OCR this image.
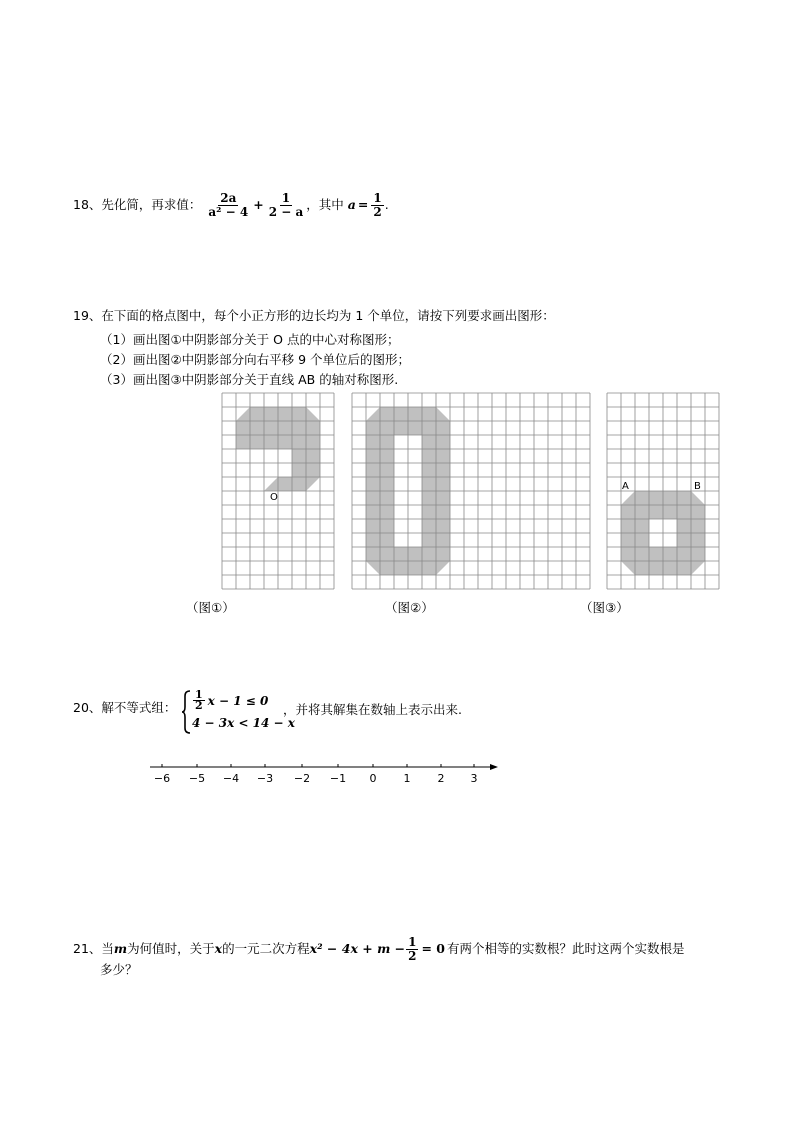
18、先化简，再求值： $\frac{2a}{\text{a² − 4}} + \frac{1}{2 - a}$ ，其中 $a = \frac{1}{2}$ .
19、在下面的格点图中，每个小正方形的边长均为 1 个单位，请按下列要求画出图形：
（1）画出图①中阴影部分关于 O 点的中心对称图形；
（2）画出图②中阴影部分向右平移 9 个单位后的图形；
（3）画出图③中阴影部分关于直线 AB 的轴对称图形.
O
A	B
（图①）	（图②）	（图③）
20、解不等式组： $\frac{1}{2}$ x − 1 ≤ 0
4 − 3x < 14 − x
，并将其解集在数轴上表示出来.
−6 −5 −4 −3 −2 −1 0 1 2 3
21、当m为何值时，关于x的一元二次方程$x^2 - 4x + m - \frac{1}{2} = 0$ 有两个相等的实数根？此时这两个实数根是
多少？
